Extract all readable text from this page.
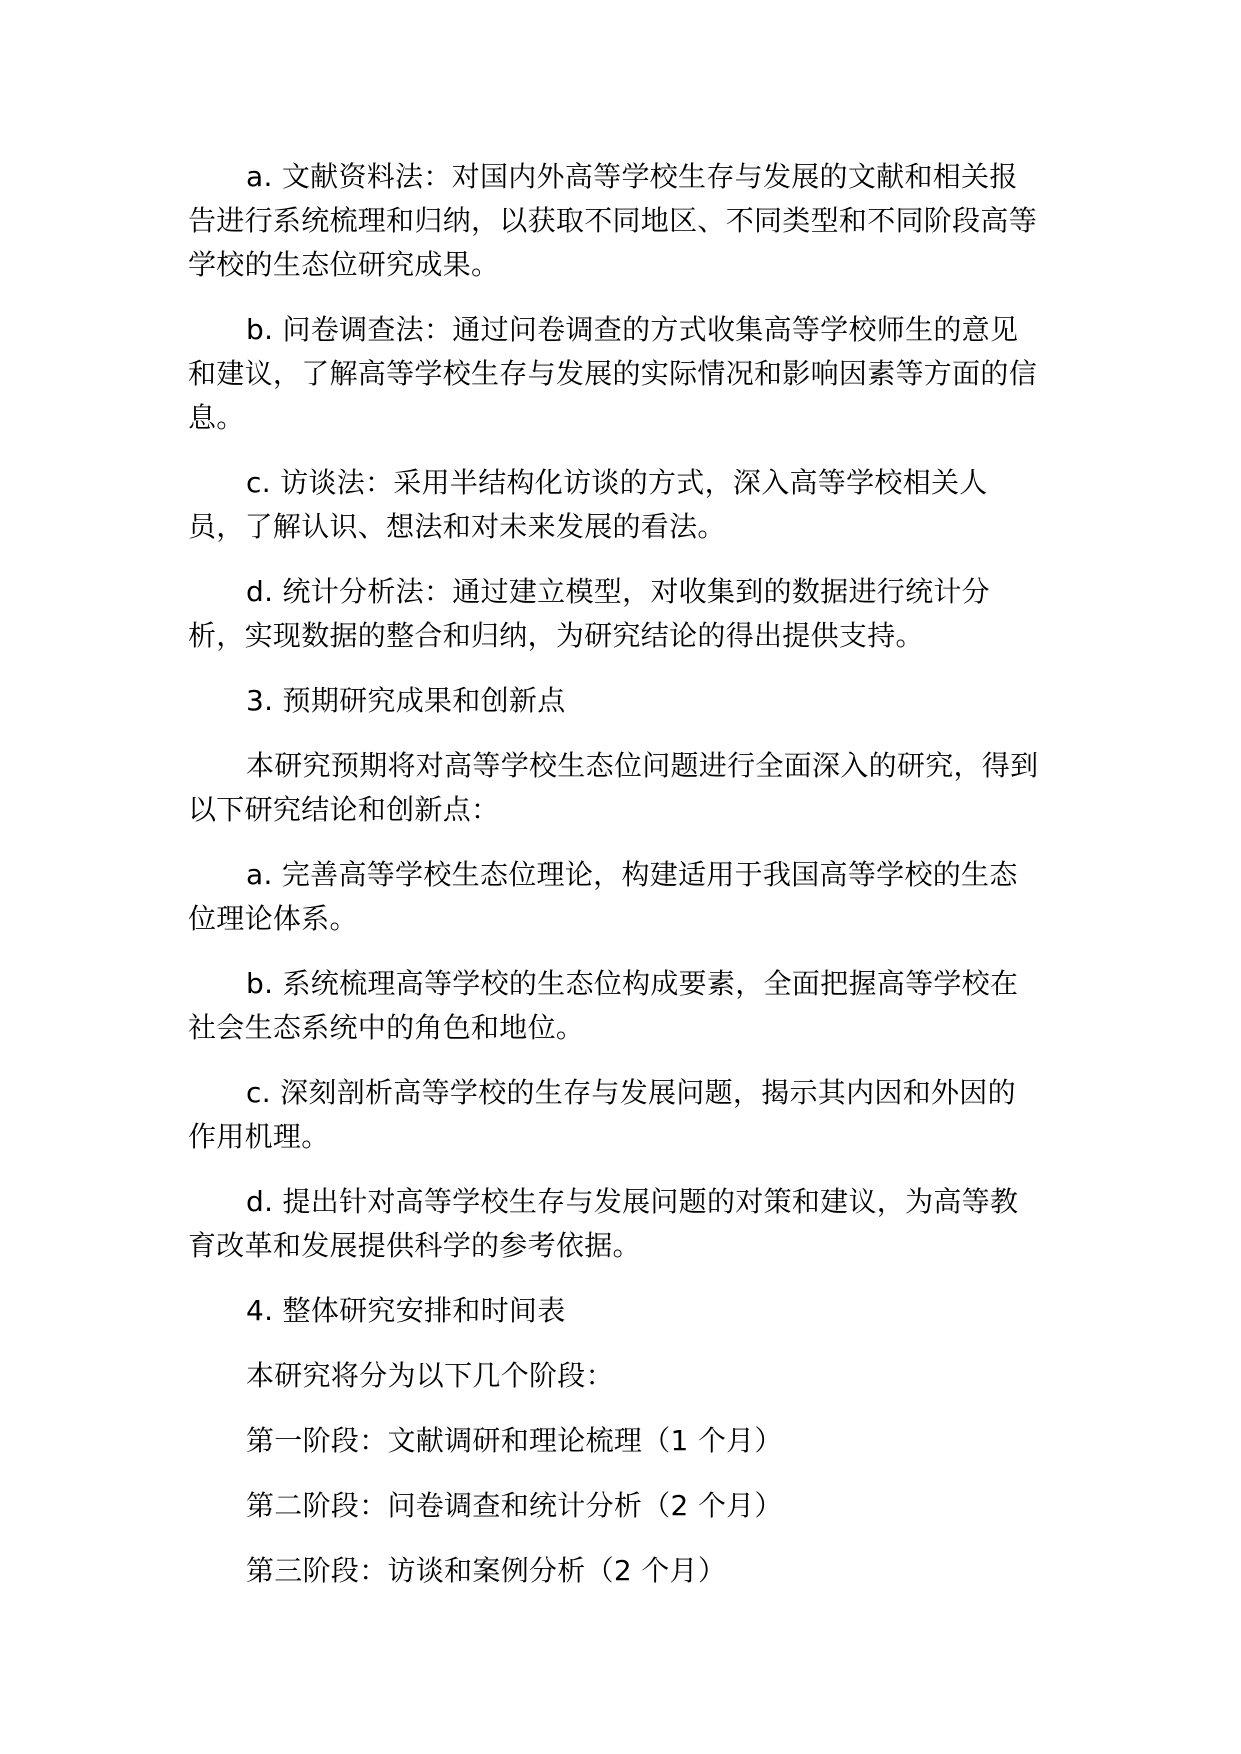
a. 文献资料法：对国内外高等学校生存与发展的文献和相关报告进行系统梳理和归纳，以获取不同地区、不同类型和不同阶段高等学校的生态位研究成果。

b. 问卷调查法：通过问卷调查的方式收集高等学校师生的意见和建议，了解高等学校生存与发展的实际情况和影响因素等方面的信息。

c. 访谈法：采用半结构化访谈的方式，深入高等学校相关人员，了解认识、想法和对未来发展的看法。

d. 统计分析法：通过建立模型，对收集到的数据进行统计分析，实现数据的整合和归纳，为研究结论的得出提供支持。

3. 预期研究成果和创新点

本研究预期将对高等学校生态位问题进行全面深入的研究，得到以下研究结论和创新点：

a. 完善高等学校生态位理论，构建适用于我国高等学校的生态位理论体系。

b. 系统梳理高等学校的生态位构成要素，全面把握高等学校在社会生态系统中的角色和地位。

c. 深刻剖析高等学校的生存与发展问题，揭示其内因和外因的作用机理。

d. 提出针对高等学校生存与发展问题的对策和建议，为高等教育改革和发展提供科学的参考依据。

4. 整体研究安排和时间表

本研究将分为以下几个阶段：

第一阶段：文献调研和理论梳理（1 个月）

第二阶段：问卷调查和统计分析（2 个月）

第三阶段：访谈和案例分析（2 个月）
